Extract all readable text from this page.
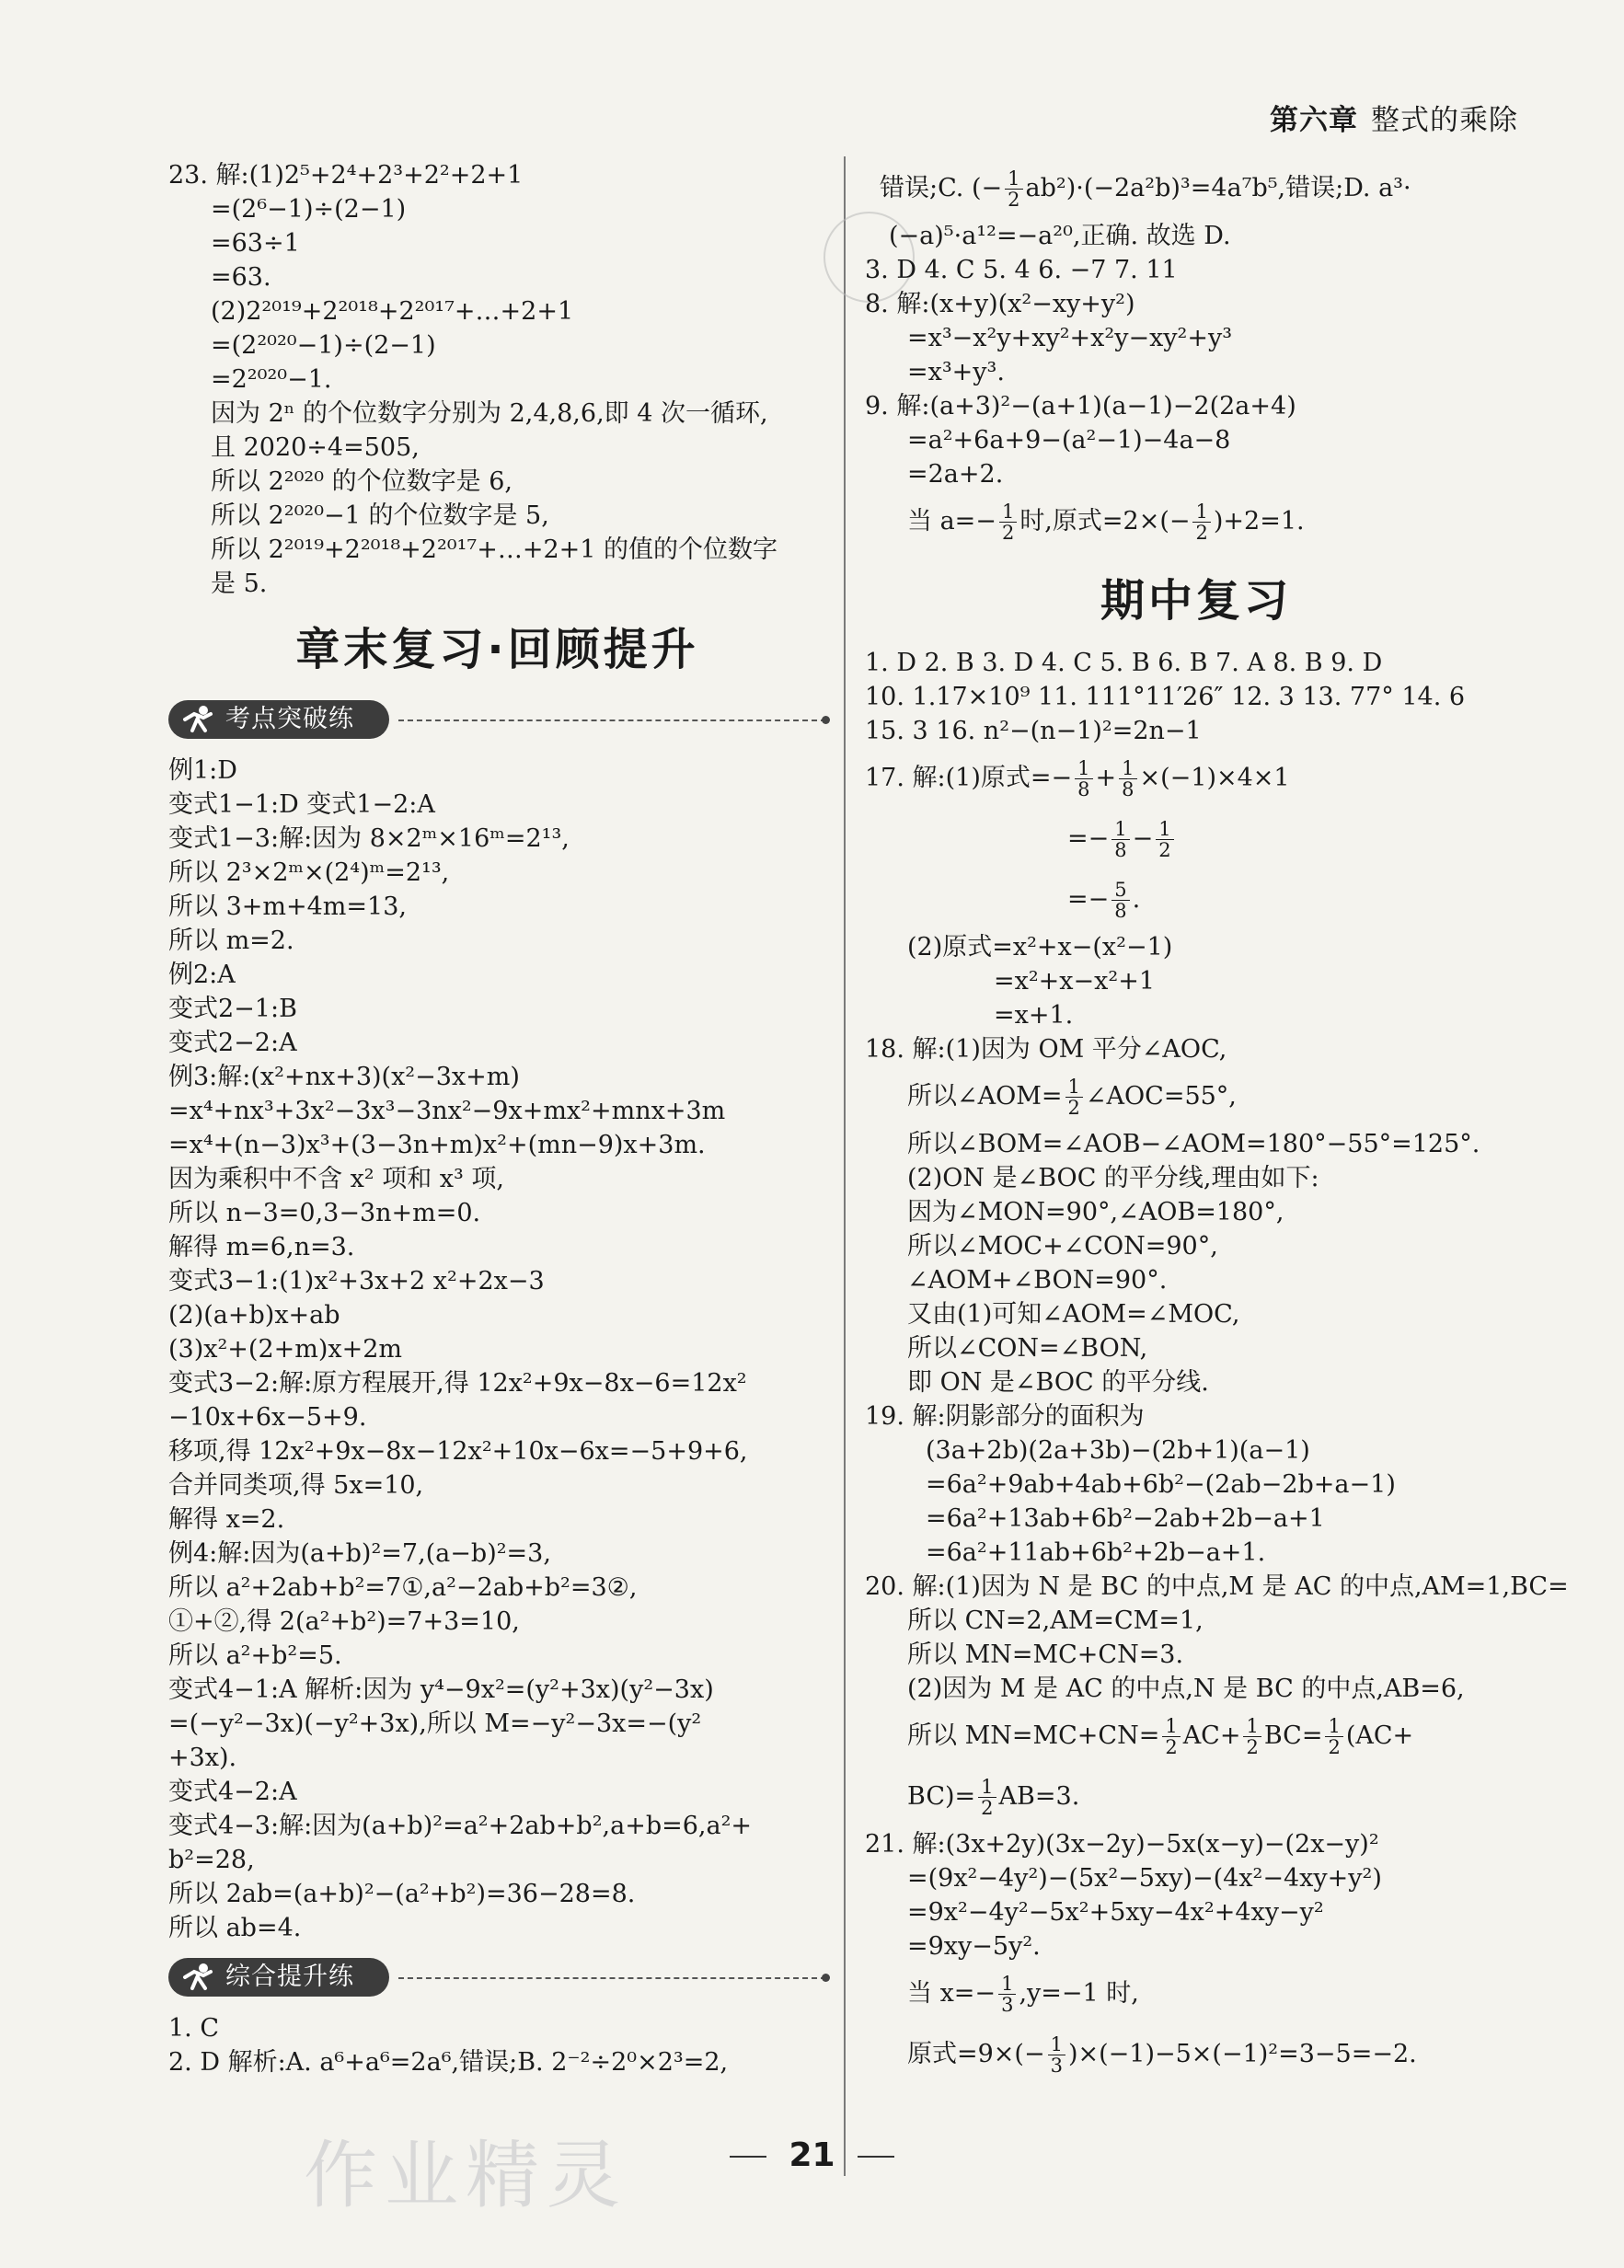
第六章 整式的乘除
23. 解:(1)2⁵+2⁴+2³+2²+2+1
=(2⁶−1)÷(2−1)
=63÷1
=63.
(2)2²⁰¹⁹+2²⁰¹⁸+2²⁰¹⁷+…+2+1
=(2²⁰²⁰−1)÷(2−1)
=2²⁰²⁰−1.
因为 2ⁿ 的个位数字分别为 2,4,8,6,即 4 次一循环,
且 2020÷4=505,
所以 2²⁰²⁰ 的个位数字是 6,
所以 2²⁰²⁰−1 的个位数字是 5,
所以 2²⁰¹⁹+2²⁰¹⁸+2²⁰¹⁷+…+2+1 的值的个位数字
是 5.
章末复习·回顾提升
考点突破练
例1:D
变式1−1:D 变式1−2:A
变式1−3:解:因为 8×2ᵐ×16ᵐ=2¹³,
所以 2³×2ᵐ×(2⁴)ᵐ=2¹³,
所以 3+m+4m=13,
所以 m=2.
例2:A
变式2−1:B
变式2−2:A
例3:解:(x²+nx+3)(x²−3x+m)
=x⁴+nx³+3x²−3x³−3nx²−9x+mx²+mnx+3m
=x⁴+(n−3)x³+(3−3n+m)x²+(mn−9)x+3m.
因为乘积中不含 x² 项和 x³ 项,
所以 n−3=0,3−3n+m=0.
解得 m=6,n=3.
变式3−1:(1)x²+3x+2 x²+2x−3
(2)(a+b)x+ab
(3)x²+(2+m)x+2m
变式3−2:解:原方程展开,得 12x²+9x−8x−6=12x²
−10x+6x−5+9.
移项,得 12x²+9x−8x−12x²+10x−6x=−5+9+6,
合并同类项,得 5x=10,
解得 x=2.
例4:解:因为(a+b)²=7,(a−b)²=3,
所以 a²+2ab+b²=7①,a²−2ab+b²=3②,
①+②,得 2(a²+b²)=7+3=10,
所以 a²+b²=5.
变式4−1:A 解析:因为 y⁴−9x²=(y²+3x)(y²−3x)
=(−y²−3x)(−y²+3x),所以 M=−y²−3x=−(y²
+3x).
变式4−2:A
变式4−3:解:因为(a+b)²=a²+2ab+b²,a+b=6,a²+
b²=28,
所以 2ab=(a+b)²−(a²+b²)=36−28=8.
所以 ab=4.
综合提升练
1. C
2. D 解析:A. a⁶+a⁶=2a⁶,错误;B. 2⁻²÷2⁰×2³=2,
错误;C. (− $\frac{1}{2} ab^2)\cdot(-2a^2b)^3=4a^7b^5$,错误;D. a³·
(−a)⁵·a¹²=−a²⁰,正确. 故选 D.
3. D 4. C 5. 4 6. −7 7. 11
8. 解:(x+y)(x²−xy+y²)
=x³−x²y+xy²+x²y−xy²+y³
=x³+y³.
9. 解:(a+3)²−(a+1)(a−1)−2(2a+4)
=a²+6a+9−(a²−1)−4a−8
=2a+2.
当 $a=- \frac{1}{2}$ 时,原式$=2\times(- \frac{1}{2} )+2=1$.
期中复习
1. D 2. B 3. D 4. C 5. B 6. B 7. A 8. B 9. D
10. 1.17×10⁹ 11. 111°11′26″ 12. 3 13. 77° 14. 6
15. 3 16. n²−(n−1)²=2n−1
17. 解:(1)原式=− $\frac{1}{8} + \frac{1}{8} \times(-1)\times 4\times 1$
=− $\frac{1}{8} - \frac{1}{2}$
=− $\frac{5}{8}$ .
(2)原式=x²+x−(x²−1)
=x²+x−x²+1
=x+1.
18. 解:(1)因为 OM 平分∠AOC,
所以∠AOM= $\frac{1}{2}$ ∠AOC=55°,
所以∠BOM=∠AOB−∠AOM=180°−55°=125°.
(2)ON 是∠BOC 的平分线,理由如下:
因为∠MON=90°,∠AOB=180°,
所以∠MOC+∠CON=90°,
∠AOM+∠BON=90°.
又由(1)可知∠AOM=∠MOC,
所以∠CON=∠BON,
即 ON 是∠BOC 的平分线.
19. 解:阴影部分的面积为
(3a+2b)(2a+3b)−(2b+1)(a−1)
=6a²+9ab+4ab+6b²−(2ab−2b+a−1)
=6a²+13ab+6b²−2ab+2b−a+1
=6a²+11ab+6b²+2b−a+1.
20. 解:(1)因为 N 是 BC 的中点,M 是 AC 的中点,AM=1,BC=
所以 CN=2,AM=CM=1,
所以 MN=MC+CN=3.
(2)因为 M 是 AC 的中点,N 是 BC 的中点,AB=6,
所以 $MN=MC+CN= \frac{1}{2} AC+ \frac{1}{2} BC= \frac{1}{2} (AC+$
$BC)= \frac{1}{2} AB=3$.
21. 解:(3x+2y)(3x−2y)−5x(x−y)−(2x−y)²
=(9x²−4y²)−(5x²−5xy)−(4x²−4xy+y²)
=9x²−4y²−5x²+5xy−4x²+4xy−y²
=9xy−5y².
当 $x=- \frac{1}{3} ,y=-1$ 时,
原式$=9\times(- \frac{1}{3} )\times(-1)-5\times(-1)^2=3-5=-2$.
作业精灵	21
